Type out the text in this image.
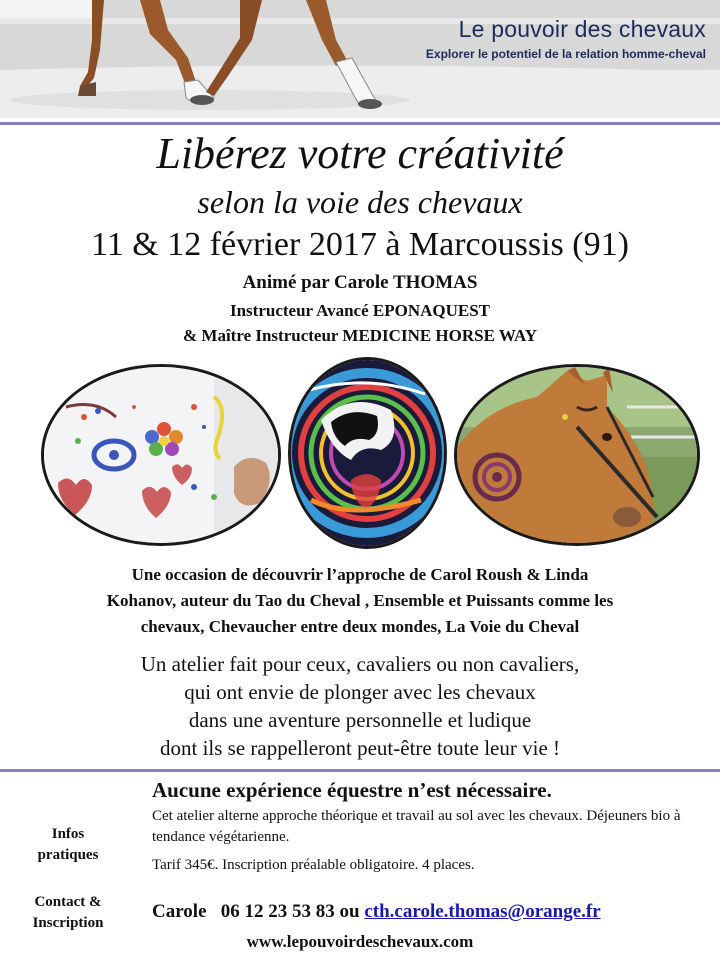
Le pouvoir des chevaux
Explorer le potentiel de la relation homme-cheval
Libérez votre créativité
selon la voie des chevaux
11 & 12 février 2017 à Marcoussis (91)
Animé par Carole THOMAS
Instructeur Avancé EPONAQUEST
& Maître Instructeur MEDICINE HORSE WAY
Une occasion de découvrir l’approche de Carol Roush & Linda
Kohanov, auteur du Tao du Cheval , Ensemble et Puissants comme les
chevaux, Chevaucher entre deux mondes, La Voie du Cheval
Un atelier fait pour ceux, cavaliers ou non cavaliers,
qui ont envie de plonger avec les chevaux
dans une aventure personnelle et ludique
dont ils se rappelleront peut-être toute leur vie !
Infos pratiques
Contact & Inscription
Aucune expérience équestre n’est nécessaire.
Cet atelier alterne approche théorique et travail au sol avec les chevaux. Déjeuners bio à tendance végétarienne.
Tarif 345€. Inscription préalable obligatoire. 4 places.
Carole 06 12 23 53 83 ou cth.carole.thomas@orange.fr
www.lepouvoirdeschevaux.com
